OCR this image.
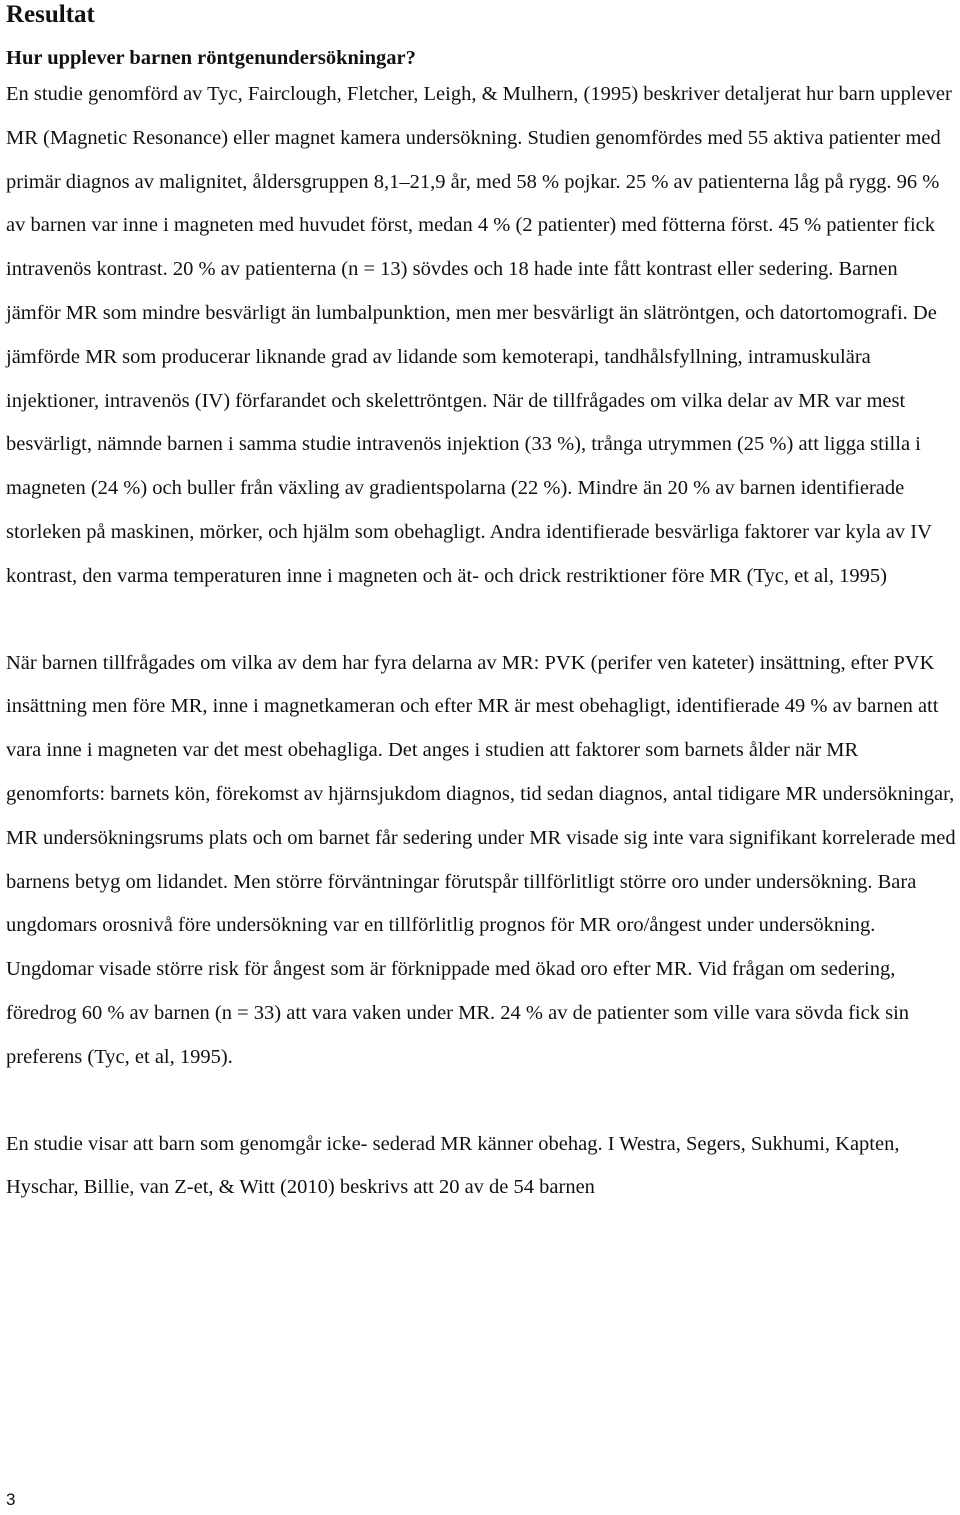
Resultat
Hur upplever barnen röntgenundersökningar?

En studie genomförd av Tyc, Fairclough, Fletcher, Leigh, & Mulhern, (1995) beskriver detaljerat hur barn upplever MR (Magnetic Resonance) eller magnet kamera undersökning. Studien genomfördes med 55 aktiva patienter med primär diagnos av malignitet, åldersgruppen 8,1–21,9 år, med 58 % pojkar. 25 % av patienterna låg på rygg. 96 % av barnen var inne i magneten med huvudet först, medan 4 % (2 patienter) med fötterna först. 45 % patienter fick intravenös kontrast. 20 % av patienterna (n = 13) sövdes och 18 hade inte fått kontrast eller sedering. Barnen jämför MR som mindre besvärligt än lumbalpunktion, men mer besvärligt än slätröntgen, och datortomografi. De jämförde MR som producerar liknande grad av lidande som kemoterapi, tandhålsfyllning, intramuskulära injektioner, intravenös (IV) förfarandet och skelettröntgen. När de tillfrågades om vilka delar av MR var mest besvärligt, nämnde barnen i samma studie intravenös injektion (33 %), trånga utrymmen (25 %) att ligga stilla i magneten (24 %) och buller från växling av gradientspolarna (22 %). Mindre än 20 % av barnen identifierade storleken på maskinen, mörker, och hjälm som obehagligt. Andra identifierade besvärliga faktorer var kyla av IV kontrast, den varma temperaturen inne i magneten och ät- och drick restriktioner före MR (Tyc, et al, 1995)

När barnen tillfrågades om vilka av dem har fyra delarna av MR: PVK (perifer ven kateter) insättning, efter PVK insättning men före MR, inne i magnetkameran och efter MR är mest obehagligt, identifierade 49 % av barnen att vara inne i magneten var det mest obehagliga. Det anges i studien att faktorer som barnets ålder när MR genomforts: barnets kön, förekomst av hjärnsjukdom diagnos, tid sedan diagnos, antal tidigare MR undersökningar, MR undersökningsrums plats och om barnet får sedering under MR visade sig inte vara signifikant korrelerade med barnens betyg om lidandet. Men större förväntningar förutspår tillförlitligt större oro under undersökning. Bara ungdomars orosnivå före undersökning var en tillförlitlig prognos för MR oro/ångest under undersökning. Ungdomar visade större risk för ångest som är förknippade med ökad oro efter MR. Vid frågan om sedering, föredrog 60 % av barnen (n = 33) att vara vaken under MR. 24 % av de patienter som ville vara sövda fick sin preferens (Tyc, et al, 1995).

En studie visar att barn som genomgår icke- sederad MR känner obehag. I Westra, Segers, Sukhumi, Kapten, Hyschar, Billie, van Z-et, & Witt (2010) beskrivs att 20 av de 54 barnen

3
